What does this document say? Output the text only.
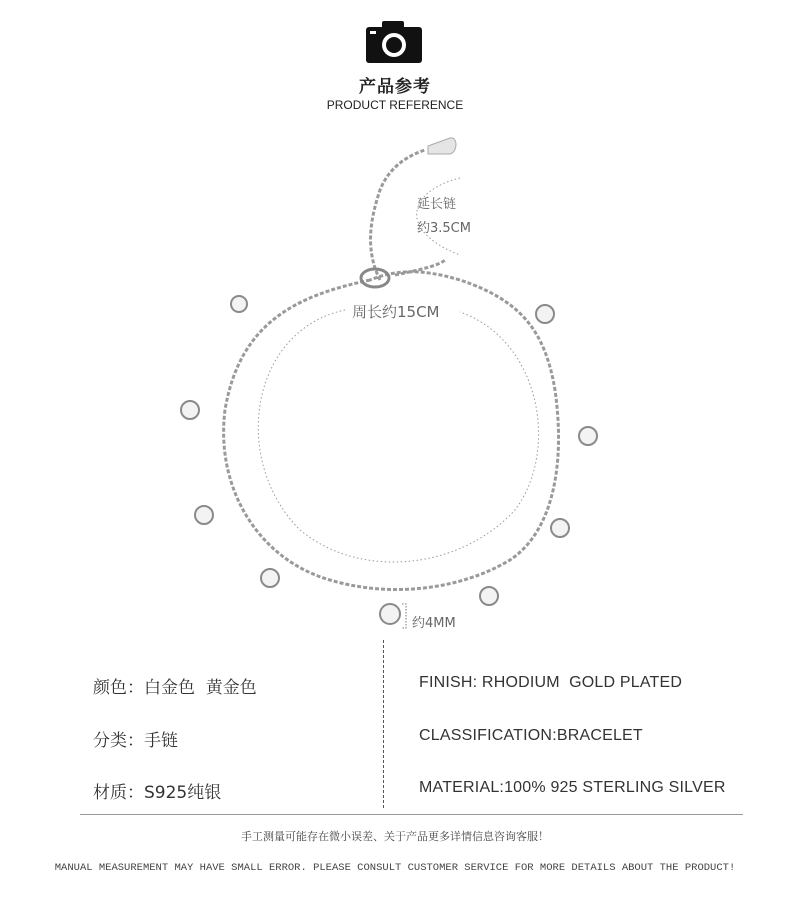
产品参考
PRODUCT REFERENCE
延长链
约3.5CM
周长约15CM
约4MM
颜色：白金色  黄金色
分类：手链
材质：S925纯银
FINISH: RHODIUM  GOLD PLATED
CLASSIFICATION:BRACELET
MATERIAL:100% 925 STERLING SILVER
手工测量可能存在微小误差、关于产品更多详情信息咨询客服！
MANUAL MEASUREMENT MAY HAVE SMALL ERROR. PLEASE CONSULT CUSTOMER SERVICE FOR MORE DETAILS ABOUT THE PRODUCT!
